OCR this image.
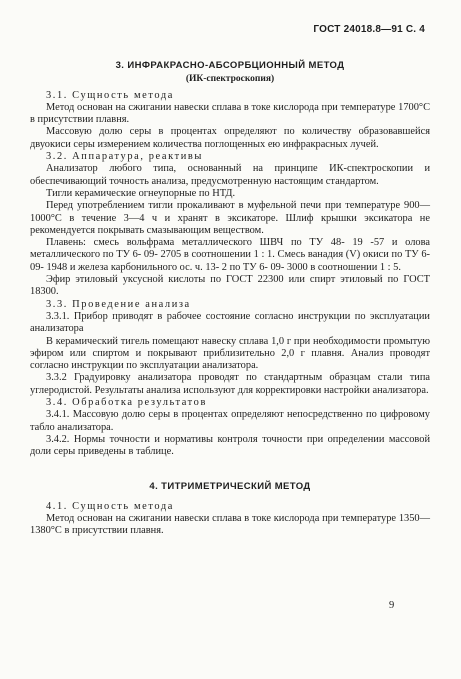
ГОСТ 24018.8—91 С. 4

3. ИНФРАКРАСНО-АБСОРБЦИОННЫЙ МЕТОД

(ИК-спектроскопия)

3.1. Сущность метода

Метод основан на сжигании навески сплава в токе кислорода при температуре 1700°С в присутствии плавня.

Массовую долю серы в процентах определяют по количеству образовавшейся двуокиси серы измерением количества поглощенных ею инфракрасных лучей.

3.2. Аппаратура, реактивы

Анализатор любого типа, основанный на принципе ИК-спектроскопии и обеспечивающий точность анализа, предусмотренную настоящим стандартом.

Тигли керамические огнеупорные по НТД.

Перед употреблением тигли прокаливают в муфельной печи при температуре 900—1000°С в течение 3—4 ч и хранят в эксикаторе. Шлиф крышки эксикатора не рекомендуется покрывать смазывающим веществом.

Плавень: смесь вольфрама металлического ШВЧ по ТУ 48- 19 -57 и олова металлического по ТУ 6- 09- 2705 в соотношении 1 : 1. Смесь ванадия (V) окиси по ТУ 6- 09- 1948 и железа карбонильного ос. ч. 13- 2 по ТУ 6- 09- 3000 в соотношении 1 : 5.

Эфир этиловый уксусной кислоты по ГОСТ 22300 или спирт этиловый по ГОСТ 18300.

3.3. Проведение анализа

3.3.1. Прибор приводят в рабочее состояние согласно инструкции по эксплуатации анализатора

В керамический тигель помещают навеску сплава 1,0 г при необходимости промытую эфиром или спиртом и покрывают приблизительно 2,0 г плавня. Анализ проводят согласно инструкции по эксплуатации анализатора.

3.3.2 Градуировку анализатора проводят по стандартным образцам стали типа углеродистой. Результаты анализа используют для корректировки настройки анализатора.

3.4. Обработка результатов

3.4.1. Массовую долю серы в процентах определяют непосредственно по цифровому табло анализатора.

3.4.2. Нормы точности и нормативы контроля точности при определении массовой доли серы приведены в таблице.

4. ТИТРИМЕТРИЧЕСКИЙ МЕТОД

4.1. Сущность метода

Метод основан на сжигании навески сплава в токе кислорода при температуре 1350—1380°С в присутствии плавня.

9
